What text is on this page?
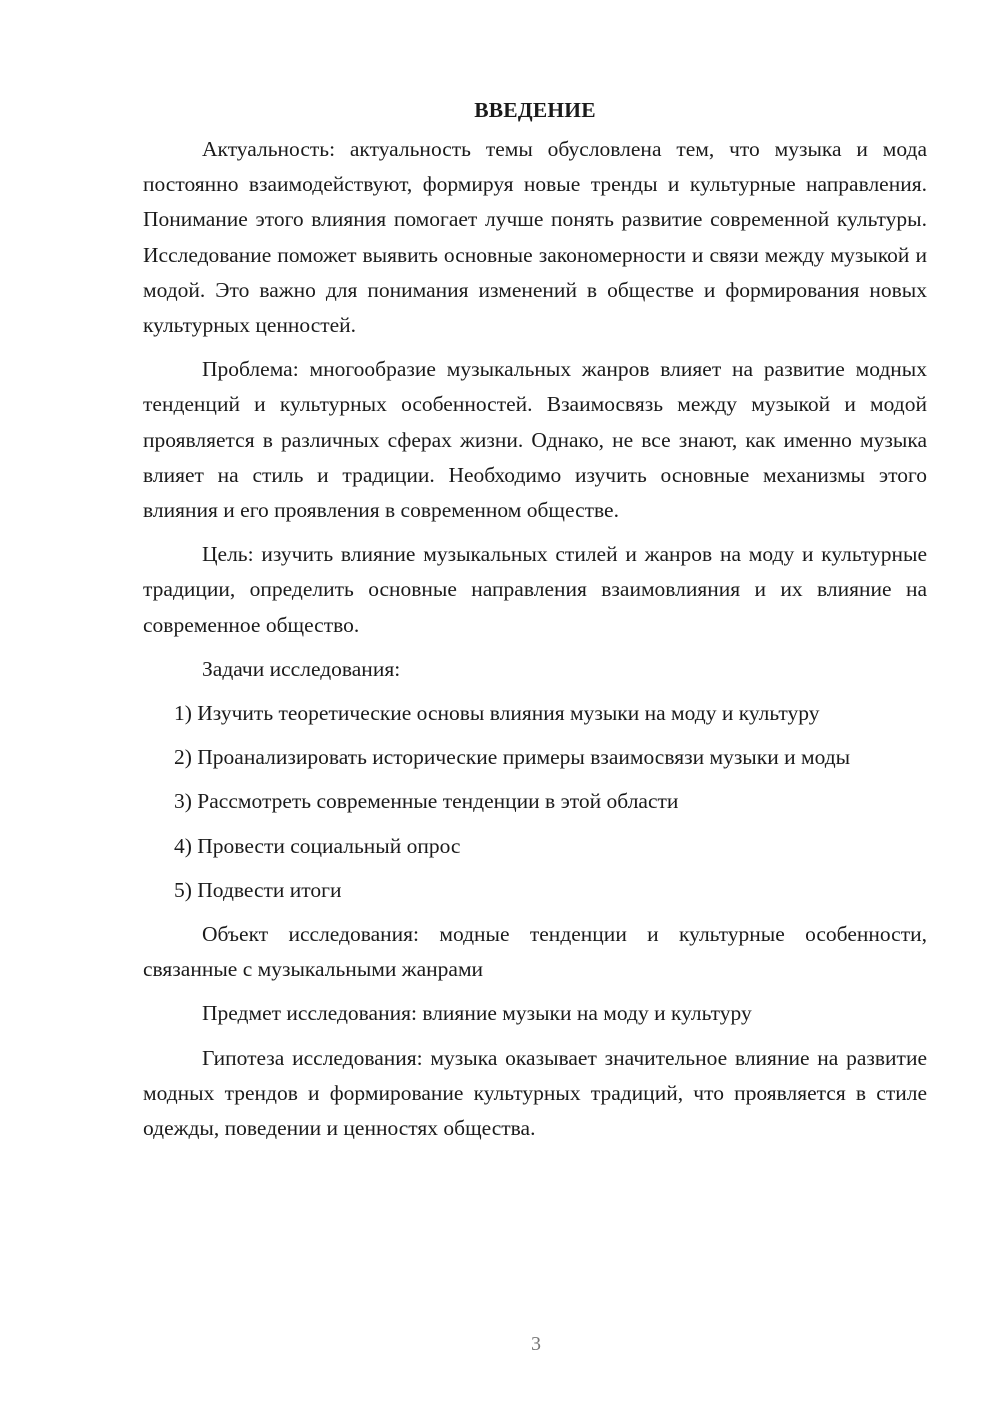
ВВЕДЕНИЕ

Актуальность: актуальность темы обусловлена тем, что музыка и мода постоянно взаимодействуют, формируя новые тренды и культурные направления. Понимание этого влияния помогает лучше понять развитие современной культуры. Исследование поможет выявить основные закономерности и связи между музыкой и модой. Это важно для понимания изменений в обществе и формирования новых культурных ценностей.

Проблема: многообразие музыкальных жанров влияет на развитие модных тенденций и культурных особенностей. Взаимосвязь между музыкой и модой проявляется в различных сферах жизни. Однако, не все знают, как именно музыка влияет на стиль и традиции. Необходимо изучить основные механизмы этого влияния и его проявления в современном обществе.

Цель: изучить влияние музыкальных стилей и жанров на моду и культурные традиции, определить основные направления взаимовлияния и их влияние на современное общество.

Задачи исследования:

1) Изучить теоретические основы влияния музыки на моду и культуру

2) Проанализировать исторические примеры взаимосвязи музыки и моды

3) Рассмотреть современные тенденции в этой области

4) Провести социальный опрос

5) Подвести итоги

Объект исследования: модные тенденции и культурные особенности, связанные с музыкальными жанрами

Предмет исследования: влияние музыки на моду и культуру

Гипотеза исследования: музыка оказывает значительное влияние на развитие модных трендов и формирование культурных традиций, что проявляется в стиле одежды, поведении и ценностях общества.

3
